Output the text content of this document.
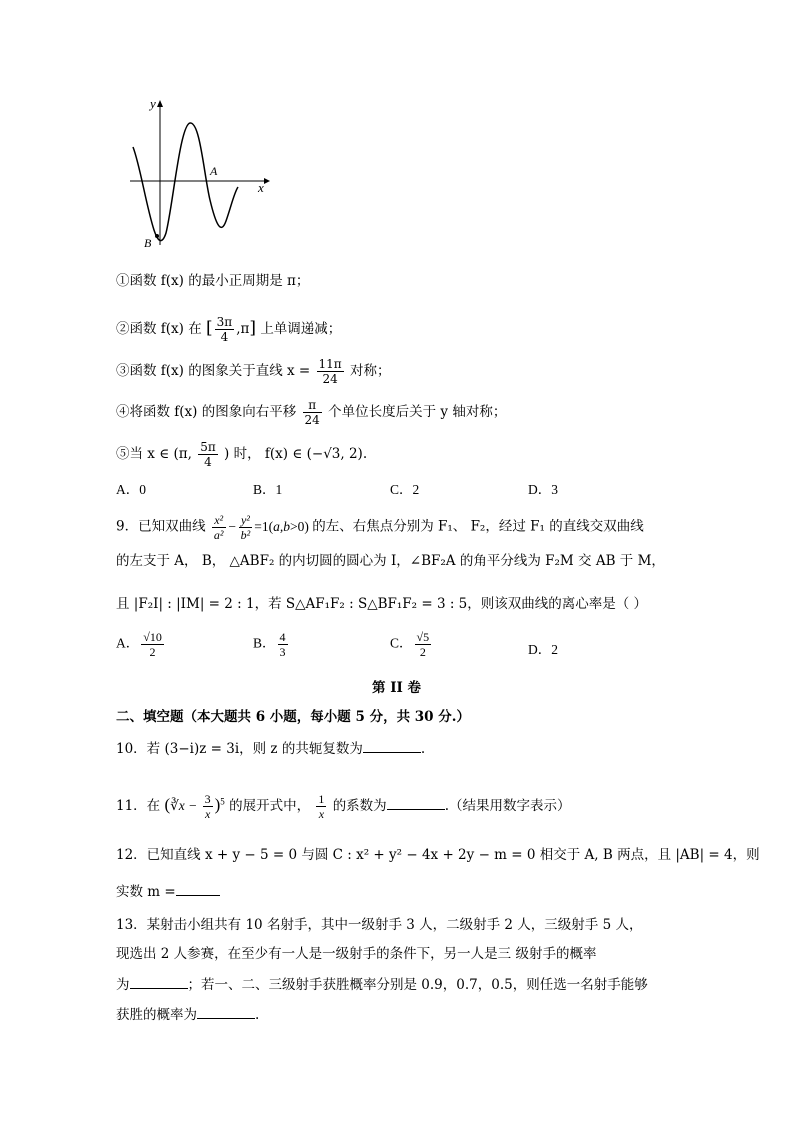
y
x
A
B
①函数 f(x) 的最小正周期是 π；
②函数 f(x) 在 [ $\frac{3\pi}{4} ,\pi$] 上单调递减；
③函数 f(x) 的图象关于直线 $x = \frac{11\pi}{24}$ 对称；
④将函数 f(x) 的图象向右平移 $\frac{\pi}{24}$ 个单位长度后关于 y 轴对称；
⑤当 x ∈ (π, $\frac{5\pi}{4}$ ) 时， f(x) ∈ (−√3, 2).
A．0	B．1	C．2	D．3
9．已知双曲线 $\frac{\text{x²}}{\text{a²}} - \frac{\text{y²}}{\text{b²}} =1(a,b>0)$ 的左、右焦点分别为 F₁、 F₂，经过 F₁ 的直线交双曲线
的左支于 A， B， △ABF₂ 的内切圆的圆心为 I，∠BF₂A 的角平分线为 F₂M 交 AB 于 M，
且 |F₂I| : |IM| = 2 : 1，若 S△AF₁F₂ : S△BF₁F₂ = 3 : 5，则该双曲线的离心率是（ ）
A． $\frac{√10}{2}$	B． $\frac{4}{3}$	C． $\frac{√5}{2}$	D．2
第 II 卷
二、填空题（本大题共 6 小题，每小题 5 分，共 30 分.）
10．若 (3−i)z = 3i，则 z 的共轭复数为	.
11．在 (∛x − $\frac{3}{x} )^5$ 的展开式中， $\frac{1}{x}$ 的系数为	.（结果用数字表示）
12．已知直线 x + y − 5 = 0 与圆 C : x² + y² − 4x + 2y − m = 0 相交于 A, B 两点，且 |AB| = 4，则
实数 m =
13．某射击小组共有 10 名射手，其中一级射手 3 人，二级射手 2 人，三级射手 5 人，
现选出 2 人参赛，在至少有一人是一级射手的条件下，另一人是三 级射手的概率
为	；若一、二、三级射手获胜概率分别是 0.9，0.7，0.5，则任选一名射手能够
获胜的概率为	.
